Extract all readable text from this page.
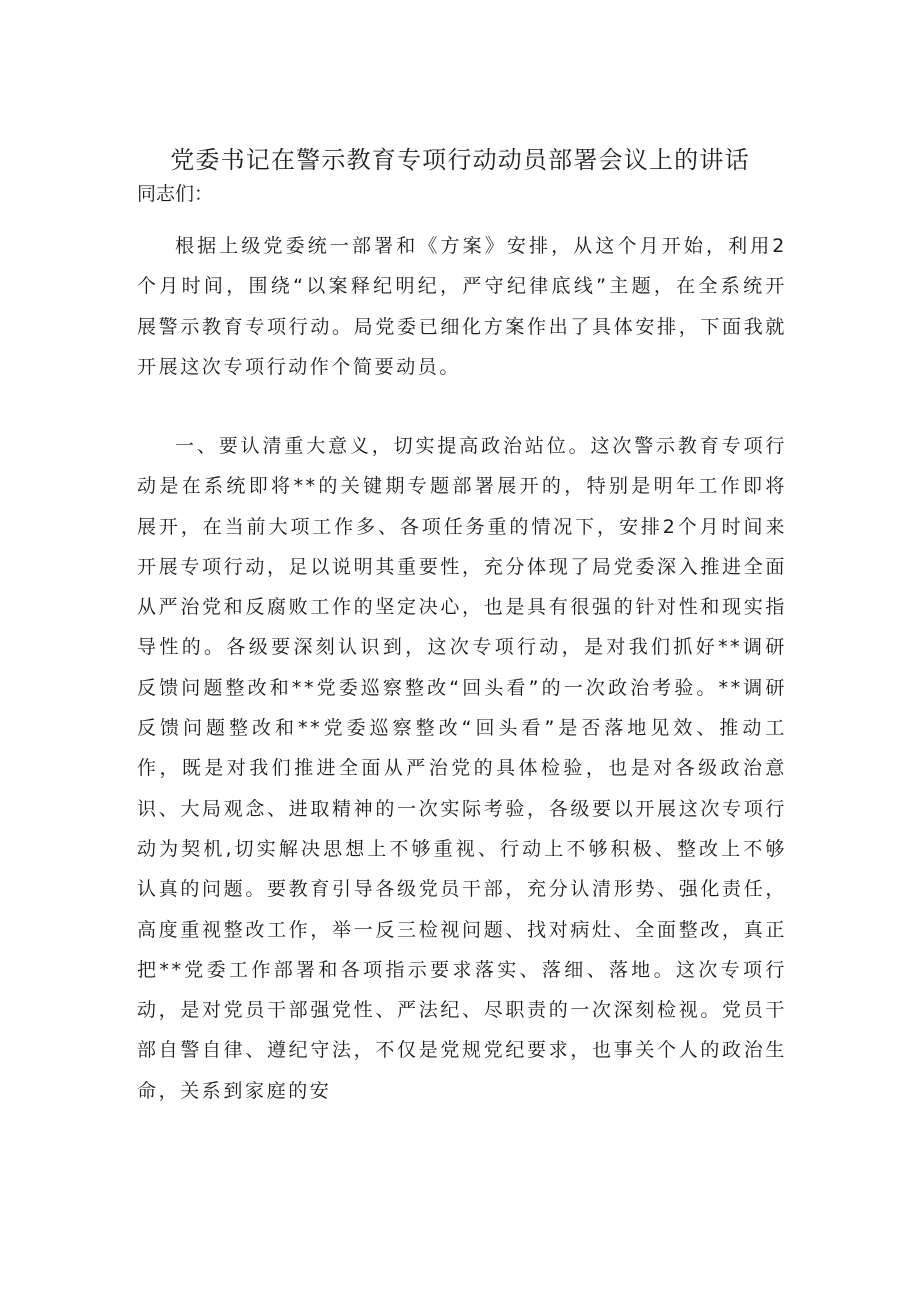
党委书记在警示教育专项行动动员部署会议上的讲话

同志们：

根据上级党委统一部署和《方案》安排，从这个月开始，利用2个月时间，围绕“以案释纪明纪，严守纪律底线”主题，在全系统开展警示教育专项行动。局党委已细化方案作出了具体安排，下面我就开展这次专项行动作个简要动员。

一、要认清重大意义，切实提高政治站位。这次警示教育专项行动是在系统即将**的关键期专题部署展开的，特别是明年工作即将展开，在当前大项工作多、各项任务重的情况下，安排2个月时间来开展专项行动，足以说明其重要性，充分体现了局党委深入推进全面从严治党和反腐败工作的坚定决心，也是具有很强的针对性和现实指导性的。各级要深刻认识到，这次专项行动，是对我们抓好**调研反馈问题整改和**党委巡察整改“回头看”的一次政治考验。**调研反馈问题整改和**党委巡察整改“回头看”是否落地见效、推动工作，既是对我们推进全面从严治党的具体检验，也是对各级政治意识、大局观念、进取精神的一次实际考验，各级要以开展这次专项行动为契机,切实解决思想上不够重视、行动上不够积极、整改上不够认真的问题。要教育引导各级党员干部，充分认清形势、强化责任，高度重视整改工作，举一反三检视问题、找对病灶、全面整改，真正把**党委工作部署和各项指示要求落实、落细、落地。这次专项行动，是对党员干部强党性、严法纪、尽职责的一次深刻检视。党员干部自警自律、遵纪守法，不仅是党规党纪要求，也事关个人的政治生命，关系到家庭的安
